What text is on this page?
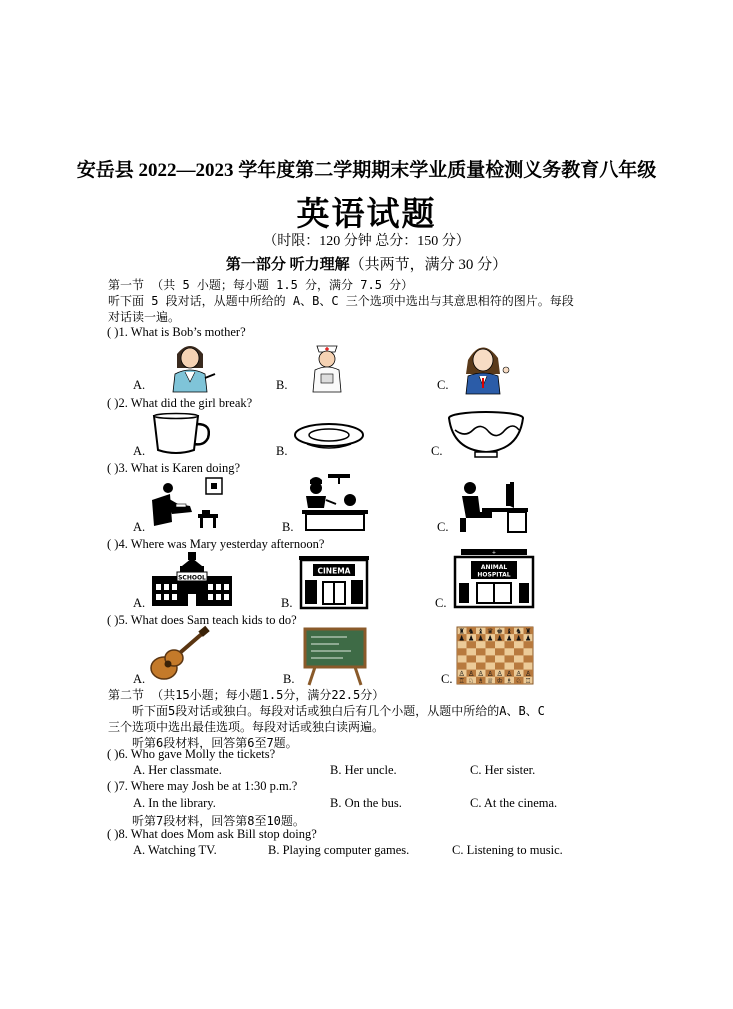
安岳县 2022—2023 学年度第二学期期末学业质量检测义务教育八年级
英语试题
（时限：120 分钟 总分：150 分）
第一部分 听力理解（共两节，满分 30 分）
第一节 （共 5 小题；每小题 1.5 分，满分 7.5 分）
听下面 5 段对话，从题中所给的 A、B、C 三个选项中选出与其意思相符的图片。每段
对话读一遍。
( )1. What is Bob’s mother?
A.	B.	C.
( )2. What did the girl break?
A.	B.	C.
( )3. What is Karen doing?
A.	B.	C.
( )4. Where was Mary yesterday afternoon?
A.	B.	C.
SCHOOL
CINEMA
+
ANIMAL
HOSPITAL
( )5. What does Sam teach kids to do?
A.	B.	C.
♜ ♞ ♝ ♛ ♚ ♝ ♞ ♜
♟ ♟ ♟ ♟ ♟ ♟ ♟ ♟
♙ ♙ ♙ ♙ ♙ ♙ ♙ ♙
♖ ♘ ♗ ♕ ♔ ♗ ♘ ♖
第二节 （共15小题；每小题1.5分，满分22.5分）
听下面5段对话或独白。每段对话或独白后有几个小题，从题中所给的A、B、C
三个选项中选出最佳选项。每段对话或独白读两遍。
听第6段材料，回答第6至7题。
( )6. Who gave Molly the tickets?
A. Her classmate.	B. Her uncle.	C. Her sister.
( )7. Where may Josh be at 1:30 p.m.?
A. In the library.	B. On the bus.	C. At the cinema.
听第7段材料，回答第8至10题。
( )8. What does Mom ask Bill stop doing?
A. Watching TV.	B. Playing computer games.	C. Listening to music.
